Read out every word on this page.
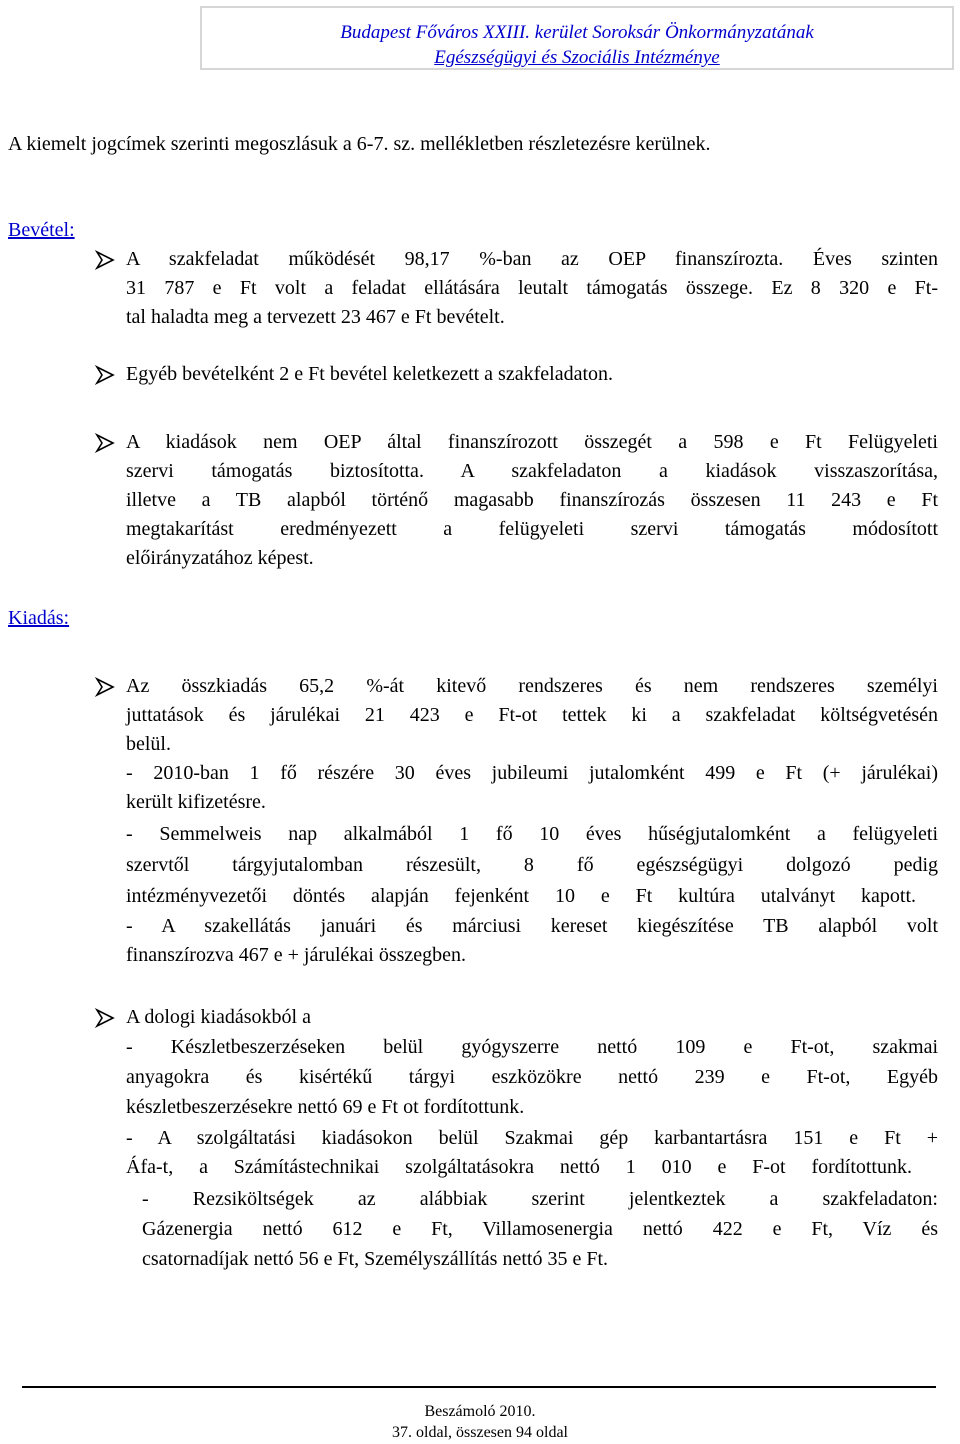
Budapest Főváros XXIII. kerület Soroksár Önkormányzatának
Egészségügyi és Szociális Intézménye
A kiemelt jogcímek szerinti megoszlásuk a 6-7. sz. mellékletben részletezésre kerülnek.
Bevétel:
A szakfeladat működését 98,17 %-ban az OEP finanszírozta. Éves szinten
31 787 e Ft volt a feladat ellátására leutalt támogatás összege. Ez 8 320 e Ft-
tal haladta meg a tervezett 23 467 e Ft bevételt.
Egyéb bevételként 2 e Ft bevétel keletkezett a szakfeladaton.
A kiadások nem OEP által finanszírozott összegét a 598 e Ft Felügyeleti
szervi támogatás biztosította. A szakfeladaton a kiadások visszaszorítása,
illetve a TB alapból történő magasabb finanszírozás összesen 11 243 e Ft
megtakarítást eredményezett a felügyeleti szervi támogatás módosított
előirányzatához képest.
Kiadás:
Az összkiadás 65,2 %-át kitevő rendszeres és nem rendszeres személyi
juttatások és járulékai 21 423 e Ft-ot tettek ki a szakfeladat költségvetésén
belül.
- 2010-ban 1 fő részére 30 éves jubileumi jutalomként 499 e Ft (+ járulékai)
került kifizetésre.
- Semmelweis nap alkalmából 1 fő 10 éves hűségjutalomként a felügyeleti
szervtől tárgyjutalomban részesült, 8 fő egészségügyi dolgozó pedig
intézményvezetői döntés alapján fejenként 10 e Ft kultúra utalványt kapott.
- A szakellátás januári és márciusi kereset kiegészítése TB alapból volt
finanszírozva 467 e + járulékai összegben.
A dologi kiadásokból a
- Készletbeszerzéseken belül gyógyszerre nettó 109 e Ft-ot, szakmai
anyagokra és kisértékű tárgyi eszközökre nettó 239 e Ft-ot, Egyéb
készletbeszerzésekre nettó 69 e Ft ot fordítottunk.
- A szolgáltatási kiadásokon belül Szakmai gép karbantartásra 151 e Ft +
Áfa-t, a Számítástechnikai szolgáltatásokra nettó 1 010 e F-ot fordítottunk.
- Rezsiköltségek az alábbiak szerint jelentkeztek a szakfeladaton:
Gázenergia nettó 612 e Ft, Villamosenergia nettó 422 e Ft, Víz és
csatornadíjak nettó 56 e Ft, Személyszállítás nettó 35 e Ft.
Beszámoló 2010.
37. oldal, összesen 94 oldal
